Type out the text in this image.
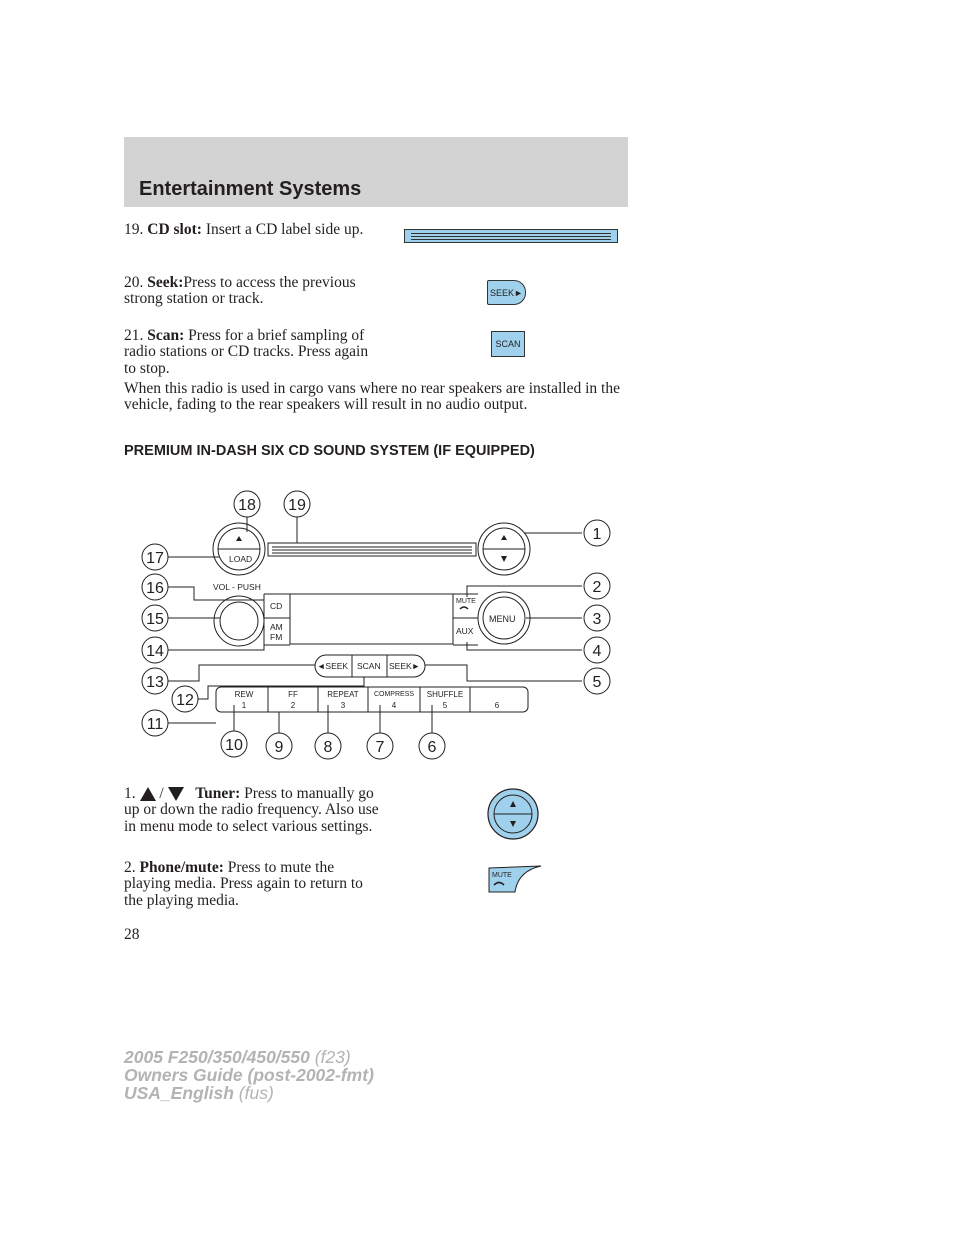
Entertainment Systems
19. CD slot: Insert a CD label side up.
20. Seek:Press to access the previous strong station or track.	SEEK►
21. Scan: Press for a brief sampling of radio stations or CD tracks. Press again to stop.
SCAN
When this radio is used in cargo vans where no rear speakers are installed in the vehicle, fading to the rear speakers will result in no audio output.
PREMIUM IN-DASH SIX CD SOUND SYSTEM (IF EQUIPPED)
LOAD
VOL - PUSH
CD
AM
FM
MUTE
AUX
MENU
◄SEEK SCAN SEEK►
REW
1
FF
2
REPEAT
3
COMPRESS
4
SHUFFLE
5	6
18 19
17
16
15
14
13
12
11
10 9	8	7	6
1
2
3
4
5
1. / Tuner: Press to manually go up or down the radio frequency. Also use in menu mode to select various settings.
2. Phone/mute: Press to mute the playing media. Press again to return to the playing media.
MUTE
28
2005 F250/350/450/550 (f23)
Owners Guide (post-2002-fmt)
USA_English (fus)
